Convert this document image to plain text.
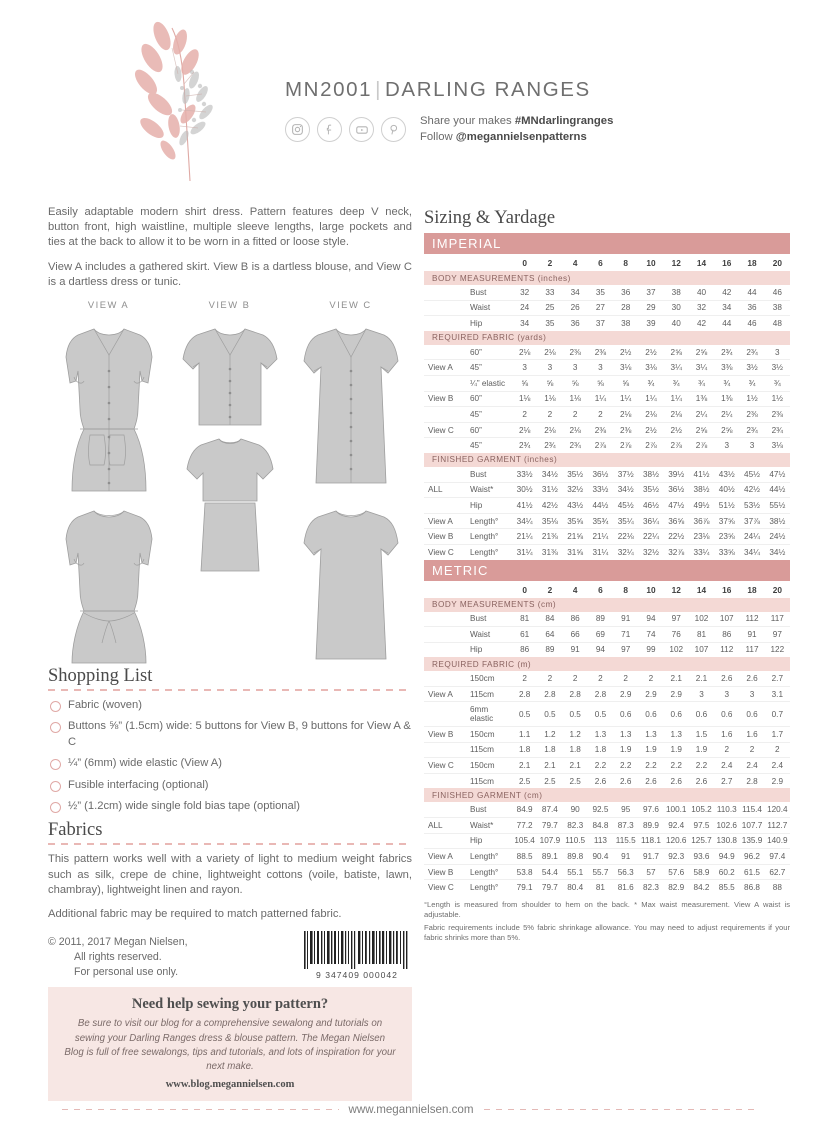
MN2001 | DARLING RANGES
Share your makes #MNdarlingranges
Follow @megannielsenpatterns

Easily adaptable modern shirt dress. Pattern features deep V neck, button front, high waistline, multiple sleeve lengths, large pockets and ties at the back to allow it to be worn in a fitted or loose style.

View A includes a gathered skirt. View B is a dartless blouse, and View C is a dartless dress or tunic.

VIEW A	VIEW B	VIEW C
Shopping List
Fabric (woven)
Buttons ⅝” (1.5cm) wide: 5 buttons for View B, 9 buttons for View A & C
¼” (6mm) wide elastic (View A)
Fusible interfacing (optional)
½” (1.2cm) wide single fold bias tape (optional)
Fabrics

This pattern works well with a variety of light to medium weight fabrics such as silk, crepe de chine, lightweight cottons (voile, batiste, lawn, chambray), lightweight linen and rayon.

Additional fabric may be required to match patterned fabric.

© 2011, 2017 Megan Nielsen,
All rights reserved.
For personal use only.	9 347409 000042
Need help sewing your pattern?
Be sure to visit our blog for a comprehensive sewalong and tutorials on sewing your Darling Ranges dress & blouse pattern. The Megan Nielsen Blog is full of free sewalongs, tips and tutorials, and lots of inspiration for your next make.
www.blog.megannielsen.com
Sizing & Yardage
IMPERIAL												
		0	2	4	6	8	10	12	14	16	18	20
BODY MEASUREMENTS (inches)												
	Bust	32	33	34	35	36	37	38	40	42	44	46
	Waist	24	25	26	27	28	29	30	32	34	36	38
	Hip	34	35	36	37	38	39	40	42	44	46	48
REQUIRED FABRIC (yards)												
	60”	2⅛	2⅛	2⅜	2⅜	2½	2½	2⅝	2⅝	2¾	2¾	3
View A	45”	3	3	3	3	3⅛	3⅛	3¼	3¼	3⅜	3½	3½
	¼” elastic	⅝	⅝	⅝	⅝	⅝	¾	¾	¾	¾	¾	¾
View B	60”	1⅛	1⅛	1⅛	1¼	1¼	1¼	1¼	1⅜	1⅜	1½	1½
	45”	2	2	2	2	2⅛	2⅛	2⅛	2¼	2¼	2⅜	2⅜
View C	60”	2⅛	2⅛	2⅛	2⅜	2⅜	2½	2½	2⅝	2⅝	2¾	2¾
	45”	2¾	2¾	2¾	2⅞	2⅞	2⅞	2⅞	2⅞	3	3	3⅛
FINISHED GARMENT (inches)												
	Bust	33½	34½	35½	36½	37½	38½	39½	41½	43½	45½	47½
ALL	Waist*	30½	31½	32½	33½	34½	35½	36½	38½	40½	42½	44½
	Hip	41½	42½	43½	44½	45½	46½	47½	49½	51½	53½	55½
View A	Length°	34¼	35⅛	35⅝	35¾	35¼	36¼	36⅝	36⅞	37⅝	37⅞	38½
View B	Length°	21¼	21⅜	21⅝	21¼	22⅛	22¼	22½	23⅛	23⅝	24¼	24½
View C	Length°	31¼	31⅜	31⅝	31¼	32¼	32½	32⅞	33¼	33⅝	34¼	34½
METRIC												
		0	2	4	6	8	10	12	14	16	18	20
BODY MEASUREMENTS (cm)												
	Bust	81	84	86	89	91	94	97	102	107	112	117
	Waist	61	64	66	69	71	74	76	81	86	91	97
	Hip	86	89	91	94	97	99	102	107	112	117	122
REQUIRED FABRIC (m)												
	150cm	2	2	2	2	2	2	2.1	2.1	2.6	2.6	2.7
View A	115cm	2.8	2.8	2.8	2.8	2.9	2.9	2.9	3	3	3	3.1
	6mm elastic	0.5	0.5	0.5	0.5	0.6	0.6	0.6	0.6	0.6	0.6	0.7
View B	150cm	1.1	1.2	1.2	1.3	1.3	1.3	1.3	1.5	1.6	1.6	1.7
	115cm	1.8	1.8	1.8	1.8	1.9	1.9	1.9	1.9	2	2	2
View C	150cm	2.1	2.1	2.1	2.2	2.2	2.2	2.2	2.2	2.4	2.4	2.4
	115cm	2.5	2.5	2.5	2.6	2.6	2.6	2.6	2.6	2.7	2.8	2.9
FINISHED GARMENT (cm)												
	Bust	84.9	87.4	90	92.5	95	97.6	100.1	105.2	110.3	115.4	120.4
ALL	Waist*	77.2	79.7	82.3	84.8	87.3	89.9	92.4	97.5	102.6	107.7	112.7
	Hip	105.4	107.9	110.5	113	115.5	118.1	120.6	125.7	130.8	135.9	140.9
View A	Length°	88.5	89.1	89.8	90.4	91	91.7	92.3	93.6	94.9	96.2	97.4
View B	Length°	53.8	54.4	55.1	55.7	56.3	57	57.6	58.9	60.2	61.5	62.7
View C	Length°	79.1	79.7	80.4	81	81.6	82.3	82.9	84.2	85.5	86.8	88

°Length is measured from shoulder to hem on the back. * Max waist measurement. View A waist is adjustable.

Fabric requirements include 5% fabric shrinkage allowance. You may need to adjust requirements if your fabric shrinks more than 5%.

www.megannielsen.com
